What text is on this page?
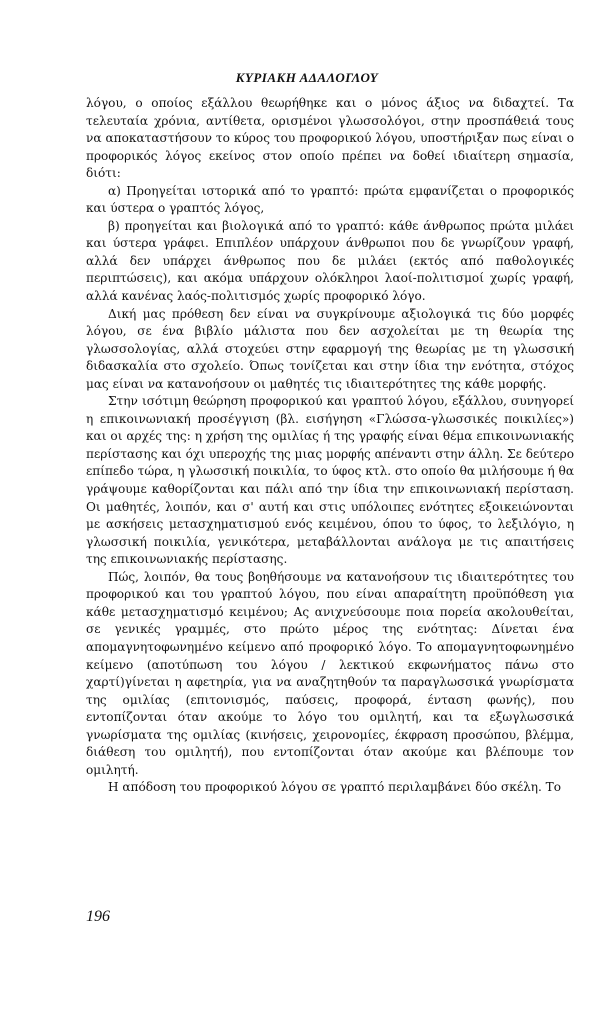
ΚΥΡΙΑΚΗ ΑΔΑΛΟΓΛΟΥ

λόγου, ο οποίος εξάλλου θεωρήθηκε και ο μόνος άξιος να διδαχτεί. Τα τελευταία χρόνια, αντίθετα, ορισμένοι γλωσσολόγοι, στην προσπάθειά τους να αποκαταστήσουν το κύρος του προφορικού λόγου, υποστήριξαν πως είναι ο προφορικός λόγος εκείνος στον οποίο πρέπει να δοθεί ιδιαίτερη σημασία, διότι:

α) Προηγείται ιστορικά από το γραπτό: πρώτα εμφανίζεται ο προφορικός και ύστερα ο γραπτός λόγος,

β) προηγείται και βιολογικά από το γραπτό: κάθε άνθρωπος πρώτα μιλάει και ύστερα γράφει. Επιπλέον υπάρχουν άνθρωποι που δε γνωρίζουν γραφή, αλλά δεν υπάρχει άνθρωπος που δε μιλάει (εκτός από παθολογικές περιπτώσεις), και ακόμα υπάρχουν ολόκληροι λαοί-πολιτισμοί χωρίς γραφή, αλλά κανένας λαός-πολιτισμός χωρίς προφορικό λόγο.

Δική μας πρόθεση δεν είναι να συγκρίνουμε αξιολογικά τις δύο μορφές λόγου, σε ένα βιβλίο μάλιστα που δεν ασχολείται με τη θεωρία της γλωσσολογίας, αλλά στοχεύει στην εφαρμογή της θεωρίας με τη γλωσσική διδασκαλία στο σχολείο. Όπως τονίζεται και στην ίδια την ενότητα, στόχος μας είναι να κατανοήσουν οι μαθητές τις ιδιαιτερότητες της κάθε μορφής.

Στην ισότιμη θεώρηση προφορικού και γραπτού λόγου, εξάλλου, συνηγορεί η επικοινωνιακή προσέγγιση (βλ. εισήγηση «Γλώσσα-γλωσσικές ποικιλίες») και οι αρχές της: η χρήση της ομιλίας ή της γραφής είναι θέμα επικοινωνιακής περίστασης και όχι υπεροχής της μιας μορφής απέναντι στην άλλη. Σε δεύτερο επίπεδο τώρα, η γλωσσική ποικιλία, το ύφος κτλ. στο οποίο θα μιλήσουμε ή θα γράψουμε καθορίζονται και πάλι από την ίδια την επικοινωνιακή περίσταση. Οι μαθητές, λοιπόν, και σ' αυτή και στις υπόλοιπες ενότητες εξοικειώνονται με ασκήσεις μετασχηματισμού ενός κειμένου, όπου το ύφος, το λεξιλόγιο, η γλωσσική ποικιλία, γενικότερα, μεταβάλλονται ανάλογα με τις απαιτήσεις της επικοινωνιακής περίστασης.

Πώς, λοιπόν, θα τους βοηθήσουμε να κατανοήσουν τις ιδιαιτερότητες του προφορικού και του γραπτού λόγου, που είναι απαραίτητη προϋπόθεση για κάθε μετασχηματισμό κειμένου; Ας ανιχνεύσουμε ποια πορεία ακολουθείται, σε γενικές γραμμές, στο πρώτο μέρος της ενότητας: Δίνεται ένα απομαγνητοφωνημένο κείμενο από προφορικό λόγο. Το απομαγνητοφωνημένο κείμενο (αποτύπωση του λόγου / λεκτικού εκφωνήματος πάνω στο χαρτί)γίνεται η αφετηρία, για να αναζητηθούν τα παραγλωσσικά γνωρίσματα της ομιλίας (επιτονισμός, παύσεις, προφορά, ένταση φωνής), που εντοπίζονται όταν ακούμε το λόγο του ομιλητή, και τα εξωγλωσσικά γνωρίσματα της ομιλίας (κινήσεις, χειρονομίες, έκφραση προσώπου, βλέμμα, διάθεση του ομιλητή), που εντοπίζονται όταν ακούμε και βλέπουμε τον ομιλητή.

Η απόδοση του προφορικού λόγου σε γραπτό περιλαμβάνει δύο σκέλη. Το

196
